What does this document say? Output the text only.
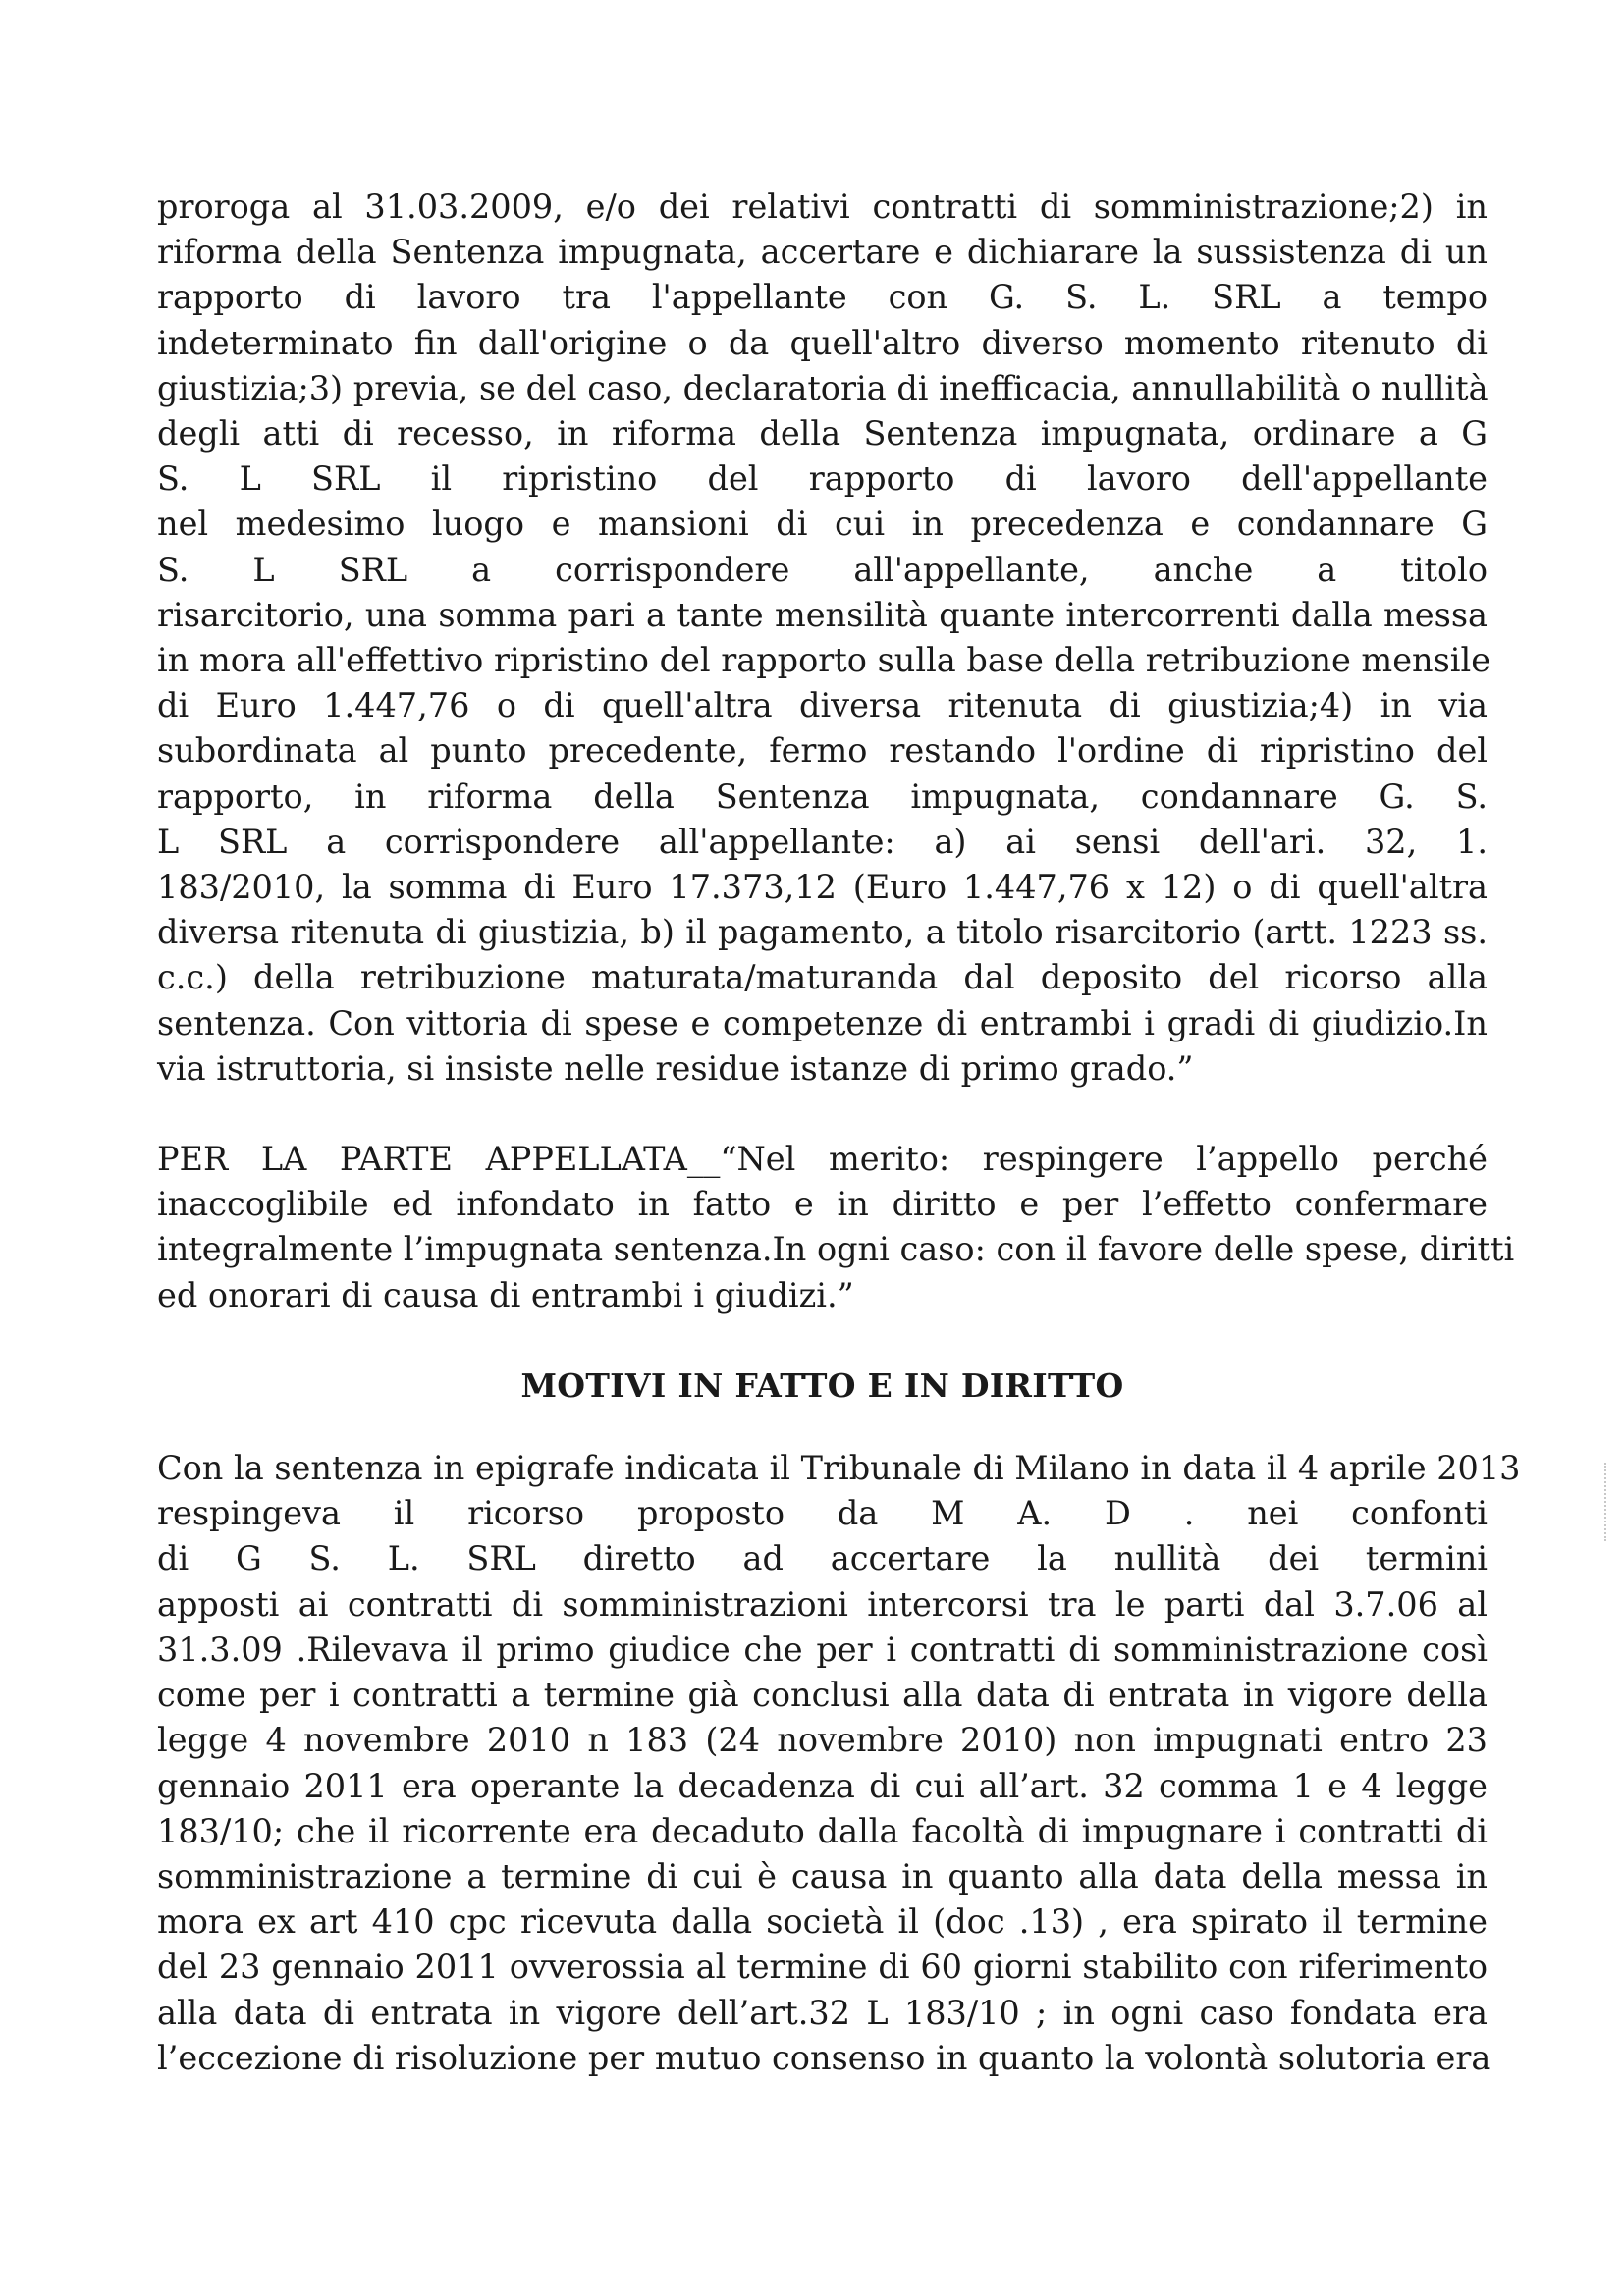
proroga al 31.03.2009, e/o dei relativi contratti di somministrazione;2) in
riforma della Sentenza impugnata, accertare e dichiarare la sussistenza di un
rapporto di lavoro tra l'appellante con G. S. L. SRL a tempo
indeterminato fin dall'origine o da quell'altro diverso momento ritenuto di
giustizia;3) previa, se del caso, declaratoria di inefficacia, annullabilità o nullità
degli atti di recesso, in riforma della Sentenza impugnata, ordinare a G
S. L SRL il ripristino del rapporto di lavoro dell'appellante
nel medesimo luogo e mansioni di cui in precedenza e condannare G
S. L SRL a corrispondere all'appellante, anche a titolo
risarcitorio, una somma pari a tante mensilità quante intercorrenti dalla messa
in mora all'effettivo ripristino del rapporto sulla base della retribuzione mensile
di Euro 1.447,76 o di quell'altra diversa ritenuta di giustizia;4) in via
subordinata al punto precedente, fermo restando l'ordine di ripristino del
rapporto, in riforma della Sentenza impugnata, condannare G. S.
L SRL a corrispondere all'appellante: a) ai sensi dell'ari. 32, 1.
183/2010, la somma di Euro 17.373,12 (Euro 1.447,76 x 12) o di quell'altra
diversa ritenuta di giustizia, b) il pagamento, a titolo risarcitorio (artt. 1223 ss.
c.c.) della retribuzione maturata/maturanda dal deposito del ricorso alla
sentenza. Con vittoria di spese e competenze di entrambi i gradi di giudizio.In
via istruttoria, si insiste nelle residue istanze di primo grado.”
PER LA PARTE APPELLATA__“Nel merito: respingere l’appello perché
inaccoglibile ed infondato in fatto e in diritto e per l’effetto confermare
integralmente l’impugnata sentenza.In ogni caso: con il favore delle spese, diritti
ed onorari di causa di entrambi i giudizi.”

MOTIVI IN FATTO E IN DIRITTO

Con la sentenza in epigrafe indicata il Tribunale di Milano in data il 4 aprile 2013
respingeva il ricorso proposto da M A. D . nei confonti
di G S. L. SRL diretto ad accertare la nullità dei termini
apposti ai contratti di somministrazioni intercorsi tra le parti dal 3.7.06 al
31.3.09 .Rilevava il primo giudice che per i contratti di somministrazione così
come per i contratti a termine già conclusi alla data di entrata in vigore della
legge 4 novembre 2010 n 183 (24 novembre 2010) non impugnati entro 23
gennaio 2011 era operante la decadenza di cui all’art. 32 comma 1 e 4 legge
183/10; che il ricorrente era decaduto dalla facoltà di impugnare i contratti di
somministrazione a termine di cui è causa in quanto alla data della messa in
mora ex art 410 cpc ricevuta dalla società il (doc .13) , era spirato il termine
del 23 gennaio 2011 ovverossia al termine di 60 giorni stabilito con riferimento
alla data di entrata in vigore dell’art.32 L 183/10 ; in ogni caso fondata era
l’eccezione di risoluzione per mutuo consenso in quanto la volontà solutoria era
